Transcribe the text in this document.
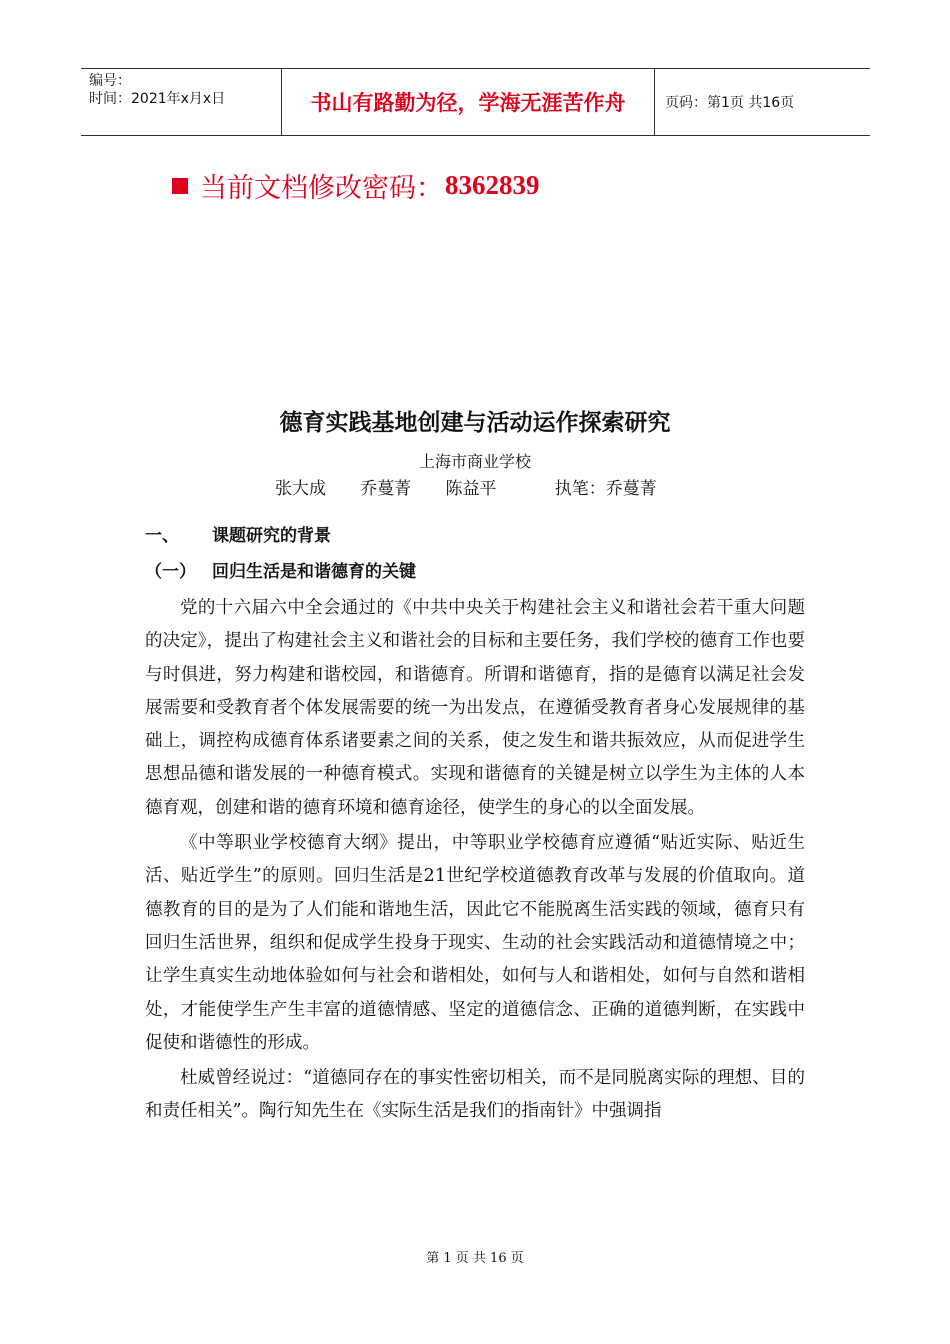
编号：
时间：2021年x月x日	书山有路勤为径，学海无涯苦作舟	页码：第1页 共16页
当前文档修改密码： 8362839
德育实践基地创建与活动运作探索研究
上海市商业学校
张大成 乔蔓菁 陈益平	执笔：乔蔓菁
一、 课题研究的背景
（一） 回归生活是和谐德育的关键

党的十六届六中全会通过的《中共中央关于构建社会主义和谐社会若干重大问题的决定》，提出了构建社会主义和谐社会的目标和主要任务，我们学校的德育工作也要与时俱进，努力构建和谐校园，和谐德育。所谓和谐德育，指的是德育以满足社会发展需要和受教育者个体发展需要的统一为出发点，在遵循受教育者身心发展规律的基础上，调控构成德育体系诸要素之间的关系，使之发生和谐共振效应，从而促进学生思想品德和谐发展的一种德育模式。实现和谐德育的关键是树立以学生为主体的人本德育观，创建和谐的德育环境和德育途径，使学生的身心的以全面发展。

《中等职业学校德育大纲》提出，中等职业学校德育应遵循“贴近实际、贴近生活、贴近学生”的原则。回归生活是21世纪学校道德教育改革与发展的价值取向。道德教育的目的是为了人们能和谐地生活，因此它不能脱离生活实践的领域，德育只有回归生活世界，组织和促成学生投身于现实、生动的社会实践活动和道德情境之中；让学生真实生动地体验如何与社会和谐相处，如何与人和谐相处，如何与自然和谐相处，才能使学生产生丰富的道德情感、坚定的道德信念、正确的道德判断，在实践中促使和谐德性的形成。

杜威曾经说过：“道德同存在的事实性密切相关，而不是同脱离实际的理想、目的和责任相关”。陶行知先生在《实际生活是我们的指南针》中强调指

第 1 页 共 16 页
